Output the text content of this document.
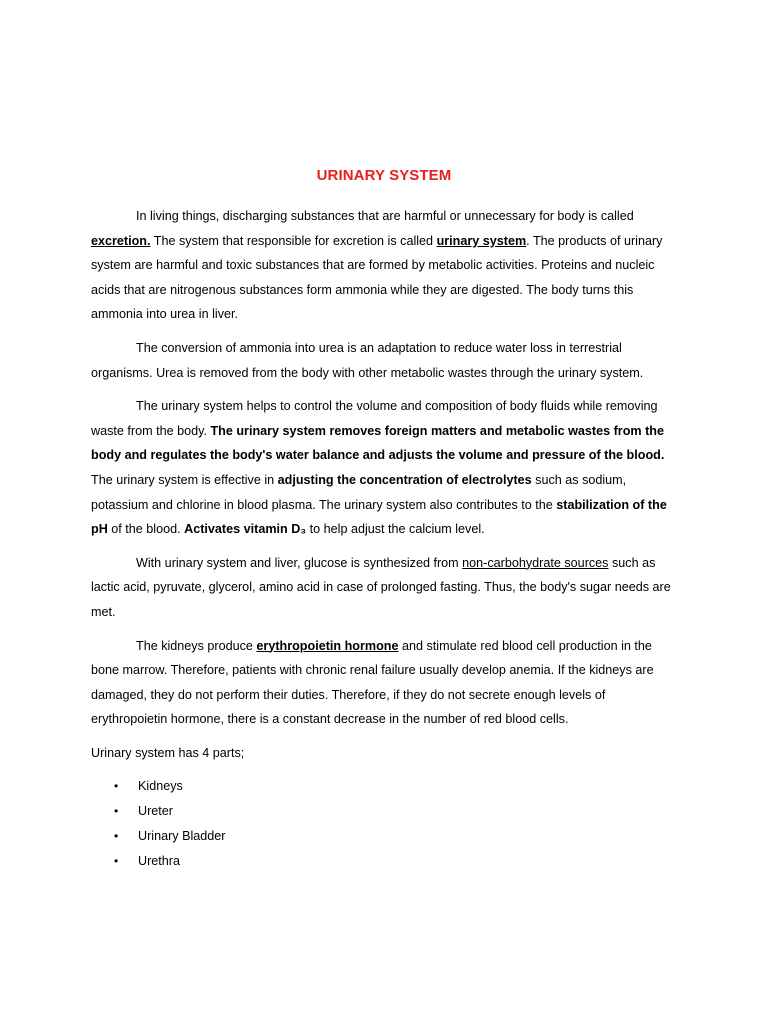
URINARY SYSTEM

In living things, discharging substances that are harmful or unnecessary for body is called excretion. The system that responsible for excretion is called urinary system. The products of urinary system are harmful and toxic substances that are formed by metabolic activities. Proteins and nucleic acids that are nitrogenous substances form ammonia while they are digested. The body turns this ammonia into urea in liver.

The conversion of ammonia into urea is an adaptation to reduce water loss in terrestrial organisms. Urea is removed from the body with other metabolic wastes through the urinary system.

The urinary system helps to control the volume and composition of body fluids while removing waste from the body. The urinary system removes foreign matters and metabolic wastes from the body and regulates the body's water balance and adjusts the volume and pressure of the blood. The urinary system is effective in adjusting the concentration of electrolytes such as sodium, potassium and chlorine in blood plasma. The urinary system also contributes to the stabilization of the pH of the blood. Activates vitamin D₃ to help adjust the calcium level.

With urinary system and liver, glucose is synthesized from non-carbohydrate sources such as lactic acid, pyruvate, glycerol, amino acid in case of prolonged fasting. Thus, the body's sugar needs are met.

The kidneys produce erythropoietin hormone and stimulate red blood cell production in the bone marrow. Therefore, patients with chronic renal failure usually develop anemia. If the kidneys are damaged, they do not perform their duties. Therefore, if they do not secrete enough levels of erythropoietin hormone, there is a constant decrease in the number of red blood cells.

Urinary system has 4 parts;

• Kidneys
• Ureter
• Urinary Bladder
• Urethra
